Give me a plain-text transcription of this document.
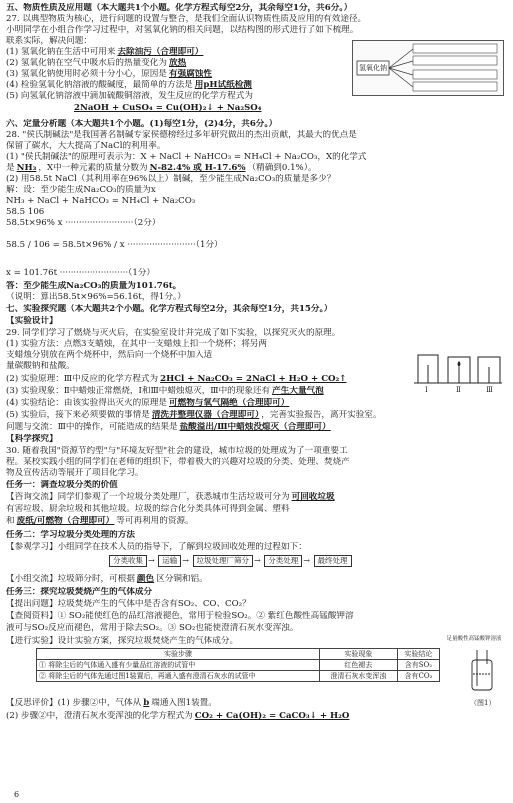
五、物质性质及应用题（本大题共1个小题。化学方程式每空2分，其余每空1分，共6分。）
27. 以典型物质为核心，进行问题的设置与整合，是我们全面认识物质性质及应用的有效途径。
小明同学在小组合作学习过程中，对氢氧化钠的相关问题，以结构图的形式进行了如下梳理。
联系实际，解决问题：
(1) 氢氧化钠在生活中可用来 去除油污（合理即可）
(2) 氢氧化钠在空气中吸水后的热量变化为 放热
(3) 氢氧化钠使用时必须十分小心，原因是 有强腐蚀性
(4) 检验氢氧化钠溶液的酸碱度，最简单的方法是 用pH试纸检测
(5) 向氢氧化钠溶液中滴加硫酸铜溶液，发生反应的化学方程式为
2NaOH + CuSO₄ = Cu(OH)₂↓ + Na₂SO₄
六、定量分析题（本大题共1个小题。(1)每空1分，(2)4分，共6分。）
28. "侯氏制碱法"是我国著名制碱专家侯德榜经过多年研究做出的杰出贡献，其最大的优点是
保留了碳水，大大提高了NaCl的利用率。
(1) "侯氏制碱法"的原理可表示为：X + NaCl + NaHCO₃ = NH₄Cl + Na₂CO₃，X的化学式
是 NH₃ ，X中一种元素的质量分数为 N-82.4% 或 H-17.6% （精确到0.1%）。
(2) 用58.5t NaCl（其利用率在96%以上）制碱，至少能生成Na₂CO₃的质量是多少？
解：设：至少能生成Na₂CO₃的质量为x
NH₃ + NaCl + NaHCO₃ = NH₄Cl + Na₂CO₃
58.5 106
58.5t×96% x ·························（2分）
58.5 / 106 = 58.5t×96% / x ·························（1分）
x = 101.76t ·························（1分）
答：至少能生成Na₂CO₃的质量为101.76t。
（说明：算出58.5t×96%=56.16t，得1分。）
七、实验探究题（本大题共2个小题。化学方程式每空2分，其余每空1分，共15分。）
【实验设计】
29. 同学们学习了燃烧与灭火后，在实验室设计并完成了如下实验，以探究灭火的原理。
(1) 实验方法：点燃3支蜡烛，在其中一支蜡烛上扣一个烧杯；将另两
支蜡烛分别放在两个烧杯中，然后向一个烧杯中加入适
量碳酸钠和盐酸。
(2) 实验原理：Ⅲ中反应的化学方程式为 2HCl + Na₂CO₃ = 2NaCl + H₂O + CO₂↑
(3) 实验现象：Ⅱ中蜡烛正常燃烧，Ⅰ和Ⅲ中蜡烛熄灭，Ⅲ中的现象还有 产生大量气泡
(4) 实验结论：由该实验得出灭火的原理是 可燃物与氧气隔绝（合理即可）
(5) 实验后，接下来必须要做的事情是 清洗并整理仪器（合理即可） ，完善实验报告，离开实验室。
问题与交流：Ⅲ中的操作，可能造成的结果是 盐酸溢出/Ⅲ中蜡烛没熄灭（合理即可）
【科学探究】
30. 随着我国"资源节约型"与"环境友好型"社会的建设，城市垃圾的处理成为了一项重要工
程。某校实践小组的同学们在老师的组织下，带着极大的兴趣对垃圾的分类、处理、焚烧产
物及宣传活动等展开了项目化学习。
任务一：调查垃圾分类的价值
【咨询交流】同学们参观了一个垃圾分类处理厂，获悉城市生活垃圾可分为 可回收垃圾
有害垃圾、厨余垃圾和其他垃圾。垃圾的综合化分类具体可得到金属、塑料
和 废纸/可燃物（合理即可） 等可再利用的资源。
任务二：学习垃圾分类处理的方法
【参观学习】小组同学在技术人员的指导下，了解到垃圾回收处理的过程如下：
【小组交流】垃圾筛分时，可根据 颜色 区分铜和铝。
任务三：探究垃圾焚烧产生的气体成分
【提出问题】垃圾焚烧产生的气体中是否含有SO₂、CO、CO₂？
【查阅资料】① SO₂能使红色的品红溶液褪色，常用于检验SO₂。② 紫红色酸性高锰酸钾溶
液可与SO₂反应而褪色，常用于除去SO₂。③ SO₂也能使澄清石灰水变浑浊。
【进行实验】设计实验方案，探究垃圾焚烧产生的气体成分。
【反思评价】(1) 步骤②中，气体从 b 端通入图1装置。
(2) 步骤②中，澄清石灰水变浑浊的化学方程式为 CO₂ + Ca(OH)₂ = CaCO₃↓ + H₂O
氢氧化钠
Ⅰ	Ⅱ	Ⅲ
分类收集 → 运输 → 垃圾处理厂筛分 → 分类处理 → 最终处理
实验步骤	实验现象	实验结论
① 将除尘后的气体通入盛有少量品红溶液的试管中	红色褪去	含有SO₂
② 将除尘后的气体先通过图1装置后，再通入盛有澄清石灰水的试管中	澄清石灰水变浑浊	含有CO₂
足量酸性高锰酸钾溶液
（图1）
6
